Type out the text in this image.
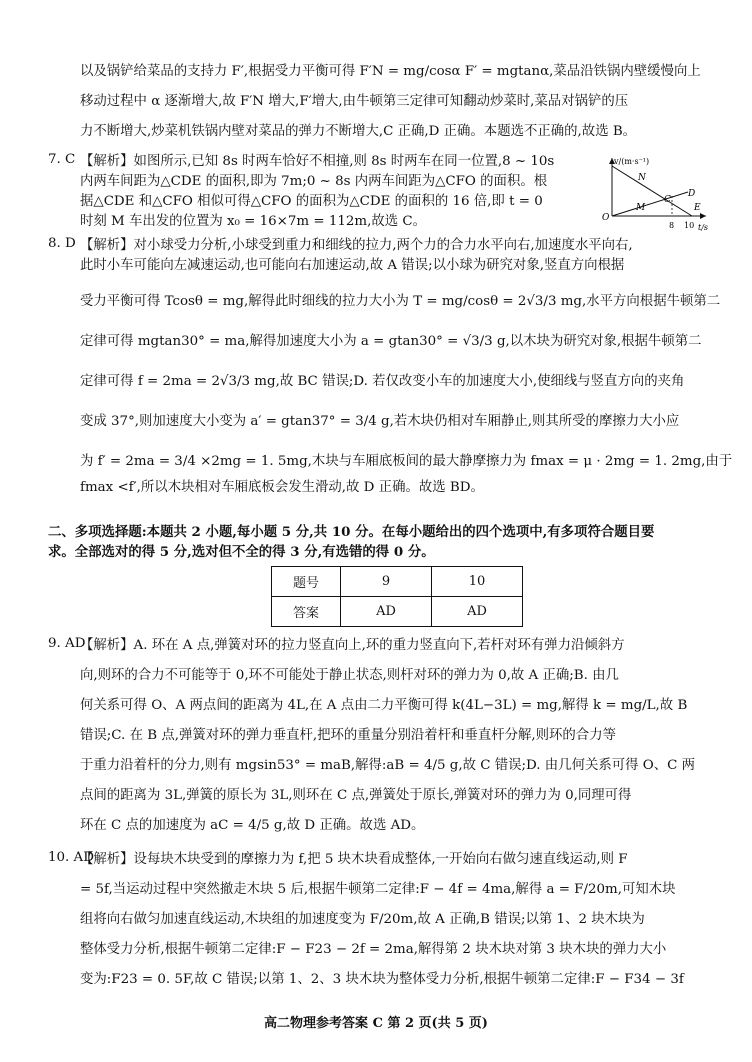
以及锅铲给菜品的支持力 F′,根据受力平衡可得 F′N = mg/cosα F′ = mgtanα,菜品沿铁锅内壁缓慢向上

移动过程中 α 逐渐增大,故 F′N 增大,F′增大,由牛顿第三定律可知翻动炒菜时,菜品对锅铲的压

力不断增大,炒菜机铁锅内壁对菜品的弹力不断增大,C 正确,D 正确。本题选不正确的,故选 B。

7. C 【解析】如图所示,已知 8s 时两车恰好不相撞,则 8s 时两车在同一位置,8 ~ 10s

内两车间距为△CDE 的面积,即为 7m;0 ~ 8s 内两车间距为△CFO 的面积。根

据△CDE 和△CFO 相似可得△CFO 的面积为△CDE 的面积的 16 倍,即 t = 0

时刻 M 车出发的位置为 x₀ = 16×7m = 112m,故选 C。

v/(m·s⁻¹)
t/s
O
N
M
C
D
E
8 10
8. D 【解析】对小球受力分析,小球受到重力和细线的拉力,两个力的合力水平向右,加速度水平向右,

此时小车可能向左减速运动,也可能向右加速运动,故 A 错误;以小球为研究对象,竖直方向根据

受力平衡可得 Tcosθ = mg,解得此时细线的拉力大小为 T = mg/cosθ = 2√3/3 mg,水平方向根据牛顿第二

定律可得 mgtan30° = ma,解得加速度大小为 a = gtan30° = √3/3 g,以木块为研究对象,根据牛顿第二

定律可得 f = 2ma = 2√3/3 mg,故 BC 错误;D. 若仅改变小车的加速度大小,使细线与竖直方向的夹角

变成 37°,则加速度大小变为 a′ = gtan37° = 3/4 g,若木块仍相对车厢静止,则其所受的摩擦力大小应

为 f′ = 2ma = 3/4 ×2mg = 1. 5mg,木块与车厢底板间的最大静摩擦力为 fmax = μ · 2mg = 1. 2mg,由于

fmax <f′,所以木块相对车厢底板会发生滑动,故 D 正确。故选 BD。

二、多项选择题:本题共 2 小题,每小题 5 分,共 10 分。在每小题给出的四个选项中,有多项符合题目要

求。全部选对的得 5 分,选对但不全的得 3 分,有选错的得 0 分。

题号	9	10
答案	AD	AD
9. AD

【解析】A. 环在 A 点,弹簧对环的拉力竖直向上,环的重力竖直向下,若杆对环有弹力沿倾斜方

向,则环的合力不可能等于 0,环不可能处于静止状态,则杆对环的弹力为 0,故 A 正确;B. 由几

何关系可得 O、A 两点间的距离为 4L,在 A 点由二力平衡可得 k(4L−3L) = mg,解得 k = mg/L,故 B

错误;C. 在 B 点,弹簧对环的弹力垂直杆,把环的重量分别沿着杆和垂直杆分解,则环的合力等

于重力沿着杆的分力,则有 mgsin53° = maB,解得:aB = 4/5 g,故 C 错误;D. 由几何关系可得 O、C 两

点间的距离为 3L,弹簧的原长为 3L,则环在 C 点,弹簧处于原长,弹簧对环的弹力为 0,同理可得

环在 C 点的加速度为 aC = 4/5 g,故 D 正确。故选 AD。

10. AD

【解析】设每块木块受到的摩擦力为 f,把 5 块木块看成整体,一开始向右做匀速直线运动,则 F

= 5f,当运动过程中突然撤走木块 5 后,根据牛顿第二定律:F − 4f = 4ma,解得 a = F/20m,可知木块

组将向右做匀加速直线运动,木块组的加速度变为 F/20m,故 A 正确,B 错误;以第 1、2 块木块为

整体受力分析,根据牛顿第二定律:F − F23 − 2f = 2ma,解得第 2 块木块对第 3 块木块的弹力大小

变为:F23 = 0. 5F,故 C 错误;以第 1、2、3 块木块为整体受力分析,根据牛顿第二定律:F − F34 − 3f

高二物理参考答案 C 第 2 页(共 5 页)
